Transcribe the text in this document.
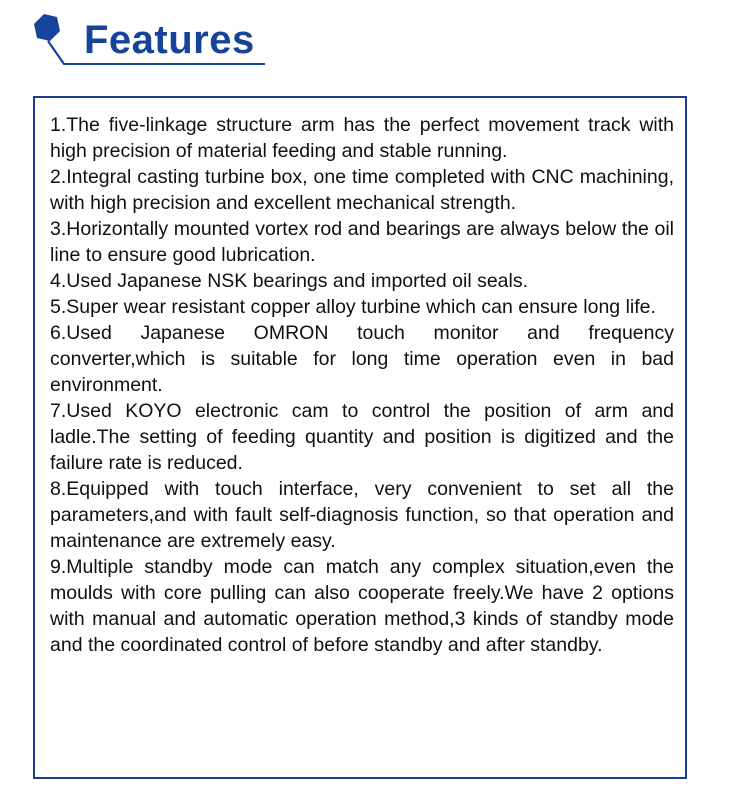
Features
1.The five-linkage structure arm has the perfect movement track with high precision of material feeding and stable running.
2.Integral casting turbine box, one time completed with CNC machining, with high precision and excellent mechanical strength.
3.Horizontally mounted vortex rod and bearings are always below the oil line to ensure good lubrication.
4.Used Japanese NSK bearings and imported oil seals.
5.Super wear resistant copper alloy turbine which can ensure long life.
6.Used Japanese OMRON touch monitor and frequency converter,which is suitable for long time operation even in bad environment.
7.Used KOYO electronic cam to control the position of arm and ladle.The setting of feeding quantity and position is digitized and the failure rate is reduced.
8.Equipped with touch interface, very convenient to set all the parameters,and with fault self-diagnosis function, so that operation and maintenance are extremely easy.
9.Multiple standby mode can match any complex situation,even the moulds with core pulling can also cooperate freely.We have 2 options with manual and automatic operation method,3 kinds of standby mode and the coordinated control of before standby and after standby.
